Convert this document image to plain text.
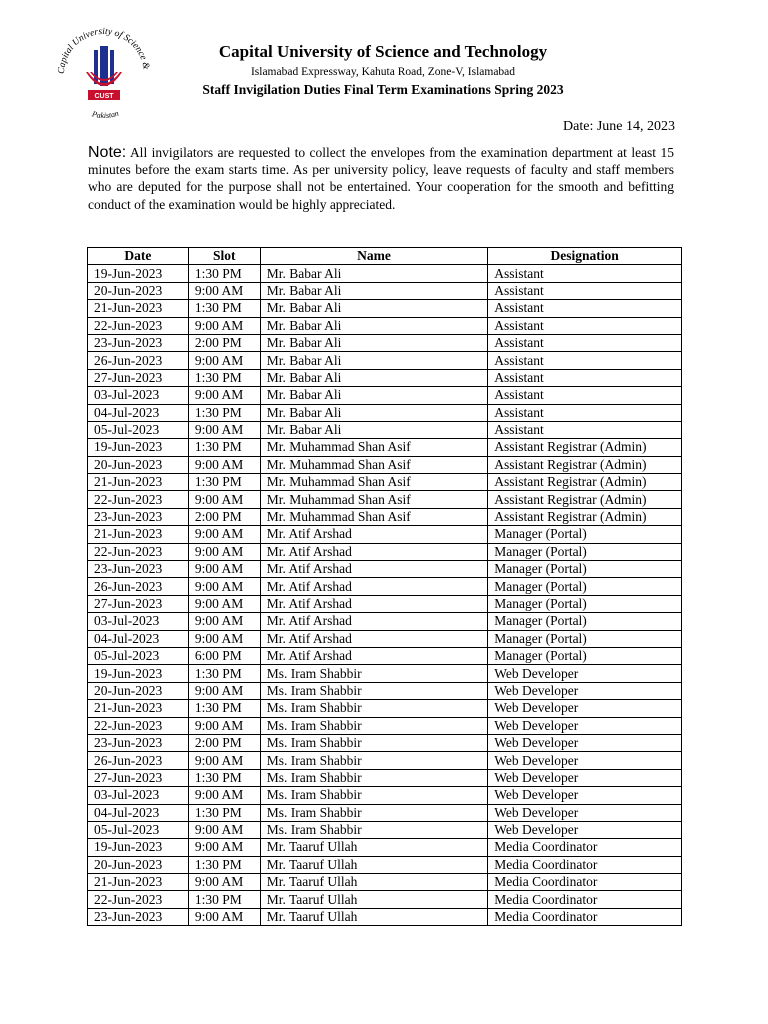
Capital University of Science &
Pakistan
CUST
Capital University of Science and Technology
Islamabad Expressway, Kahuta Road, Zone-V, Islamabad
Staff Invigilation Duties Final Term Examinations Spring 2023
Date: June 14, 2023
Note: All invigilators are requested to collect the envelopes from the examination department at least 15 minutes before the exam starts time. As per university policy, leave requests of faculty and staff members who are deputed for the purpose shall not be entertained. Your cooperation for the smooth and befitting conduct of the examination would be highly appreciated.
Date	Slot	Name	Designation
19-Jun-2023	1:30 PM	Mr. Babar Ali	Assistant
20-Jun-2023	9:00 AM	Mr. Babar Ali	Assistant
21-Jun-2023	1:30 PM	Mr. Babar Ali	Assistant
22-Jun-2023	9:00 AM	Mr. Babar Ali	Assistant
23-Jun-2023	2:00 PM	Mr. Babar Ali	Assistant
26-Jun-2023	9:00 AM	Mr. Babar Ali	Assistant
27-Jun-2023	1:30 PM	Mr. Babar Ali	Assistant
03-Jul-2023	9:00 AM	Mr. Babar Ali	Assistant
04-Jul-2023	1:30 PM	Mr. Babar Ali	Assistant
05-Jul-2023	9:00 AM	Mr. Babar Ali	Assistant
19-Jun-2023	1:30 PM	Mr. Muhammad Shan Asif	Assistant Registrar (Admin)
20-Jun-2023	9:00 AM	Mr. Muhammad Shan Asif	Assistant Registrar (Admin)
21-Jun-2023	1:30 PM	Mr. Muhammad Shan Asif	Assistant Registrar (Admin)
22-Jun-2023	9:00 AM	Mr. Muhammad Shan Asif	Assistant Registrar (Admin)
23-Jun-2023	2:00 PM	Mr. Muhammad Shan Asif	Assistant Registrar (Admin)
21-Jun-2023	9:00 AM	Mr. Atif Arshad	Manager (Portal)
22-Jun-2023	9:00 AM	Mr. Atif Arshad	Manager (Portal)
23-Jun-2023	9:00 AM	Mr. Atif Arshad	Manager (Portal)
26-Jun-2023	9:00 AM	Mr. Atif Arshad	Manager (Portal)
27-Jun-2023	9:00 AM	Mr. Atif Arshad	Manager (Portal)
03-Jul-2023	9:00 AM	Mr. Atif Arshad	Manager (Portal)
04-Jul-2023	9:00 AM	Mr. Atif Arshad	Manager (Portal)
05-Jul-2023	6:00 PM	Mr. Atif Arshad	Manager (Portal)
19-Jun-2023	1:30 PM	Ms. Iram Shabbir	Web Developer
20-Jun-2023	9:00 AM	Ms. Iram Shabbir	Web Developer
21-Jun-2023	1:30 PM	Ms. Iram Shabbir	Web Developer
22-Jun-2023	9:00 AM	Ms. Iram Shabbir	Web Developer
23-Jun-2023	2:00 PM	Ms. Iram Shabbir	Web Developer
26-Jun-2023	9:00 AM	Ms. Iram Shabbir	Web Developer
27-Jun-2023	1:30 PM	Ms. Iram Shabbir	Web Developer
03-Jul-2023	9:00 AM	Ms. Iram Shabbir	Web Developer
04-Jul-2023	1:30 PM	Ms. Iram Shabbir	Web Developer
05-Jul-2023	9:00 AM	Ms. Iram Shabbir	Web Developer
19-Jun-2023	9:00 AM	Mr. Taaruf Ullah	Media Coordinator
20-Jun-2023	1:30 PM	Mr. Taaruf Ullah	Media Coordinator
21-Jun-2023	9:00 AM	Mr. Taaruf Ullah	Media Coordinator
22-Jun-2023	1:30 PM	Mr. Taaruf Ullah	Media Coordinator
23-Jun-2023	9:00 AM	Mr. Taaruf Ullah	Media Coordinator
